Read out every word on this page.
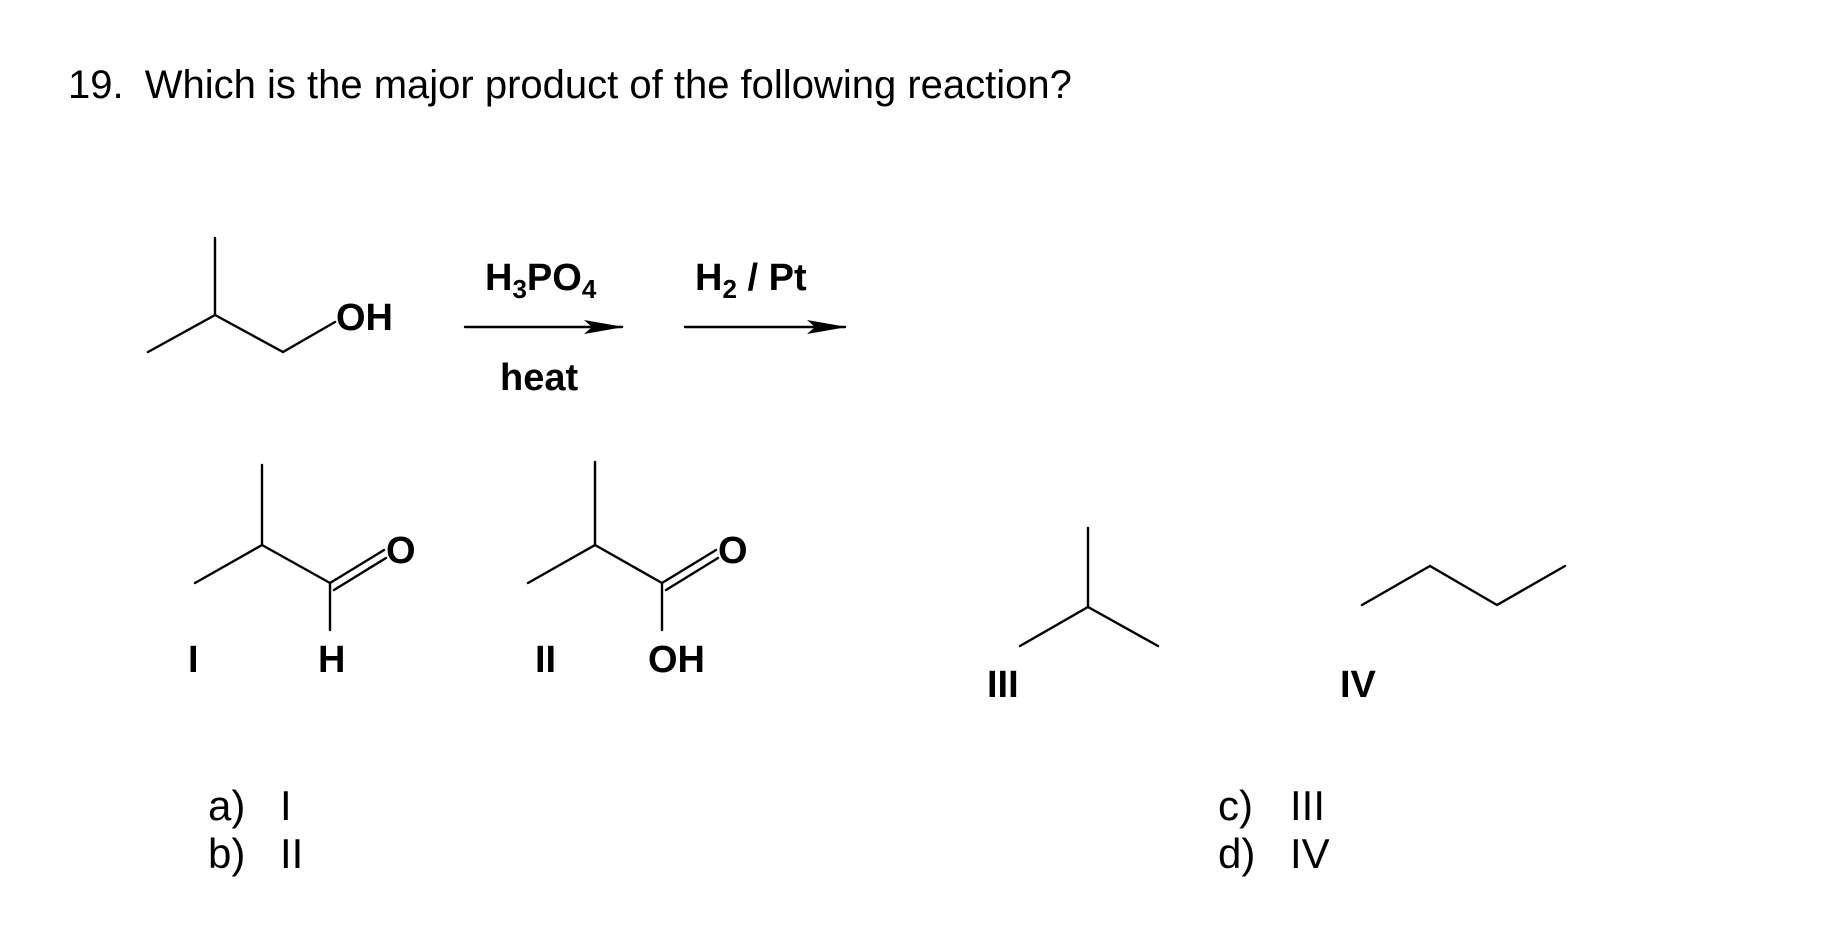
19. Which is the major product of the following reaction?
OH
$H_3PO_4$
heat
$H_2$ / Pt
O
H
I
O
OH
II
III	IV
a) I
b) II
c) III
d) IV
